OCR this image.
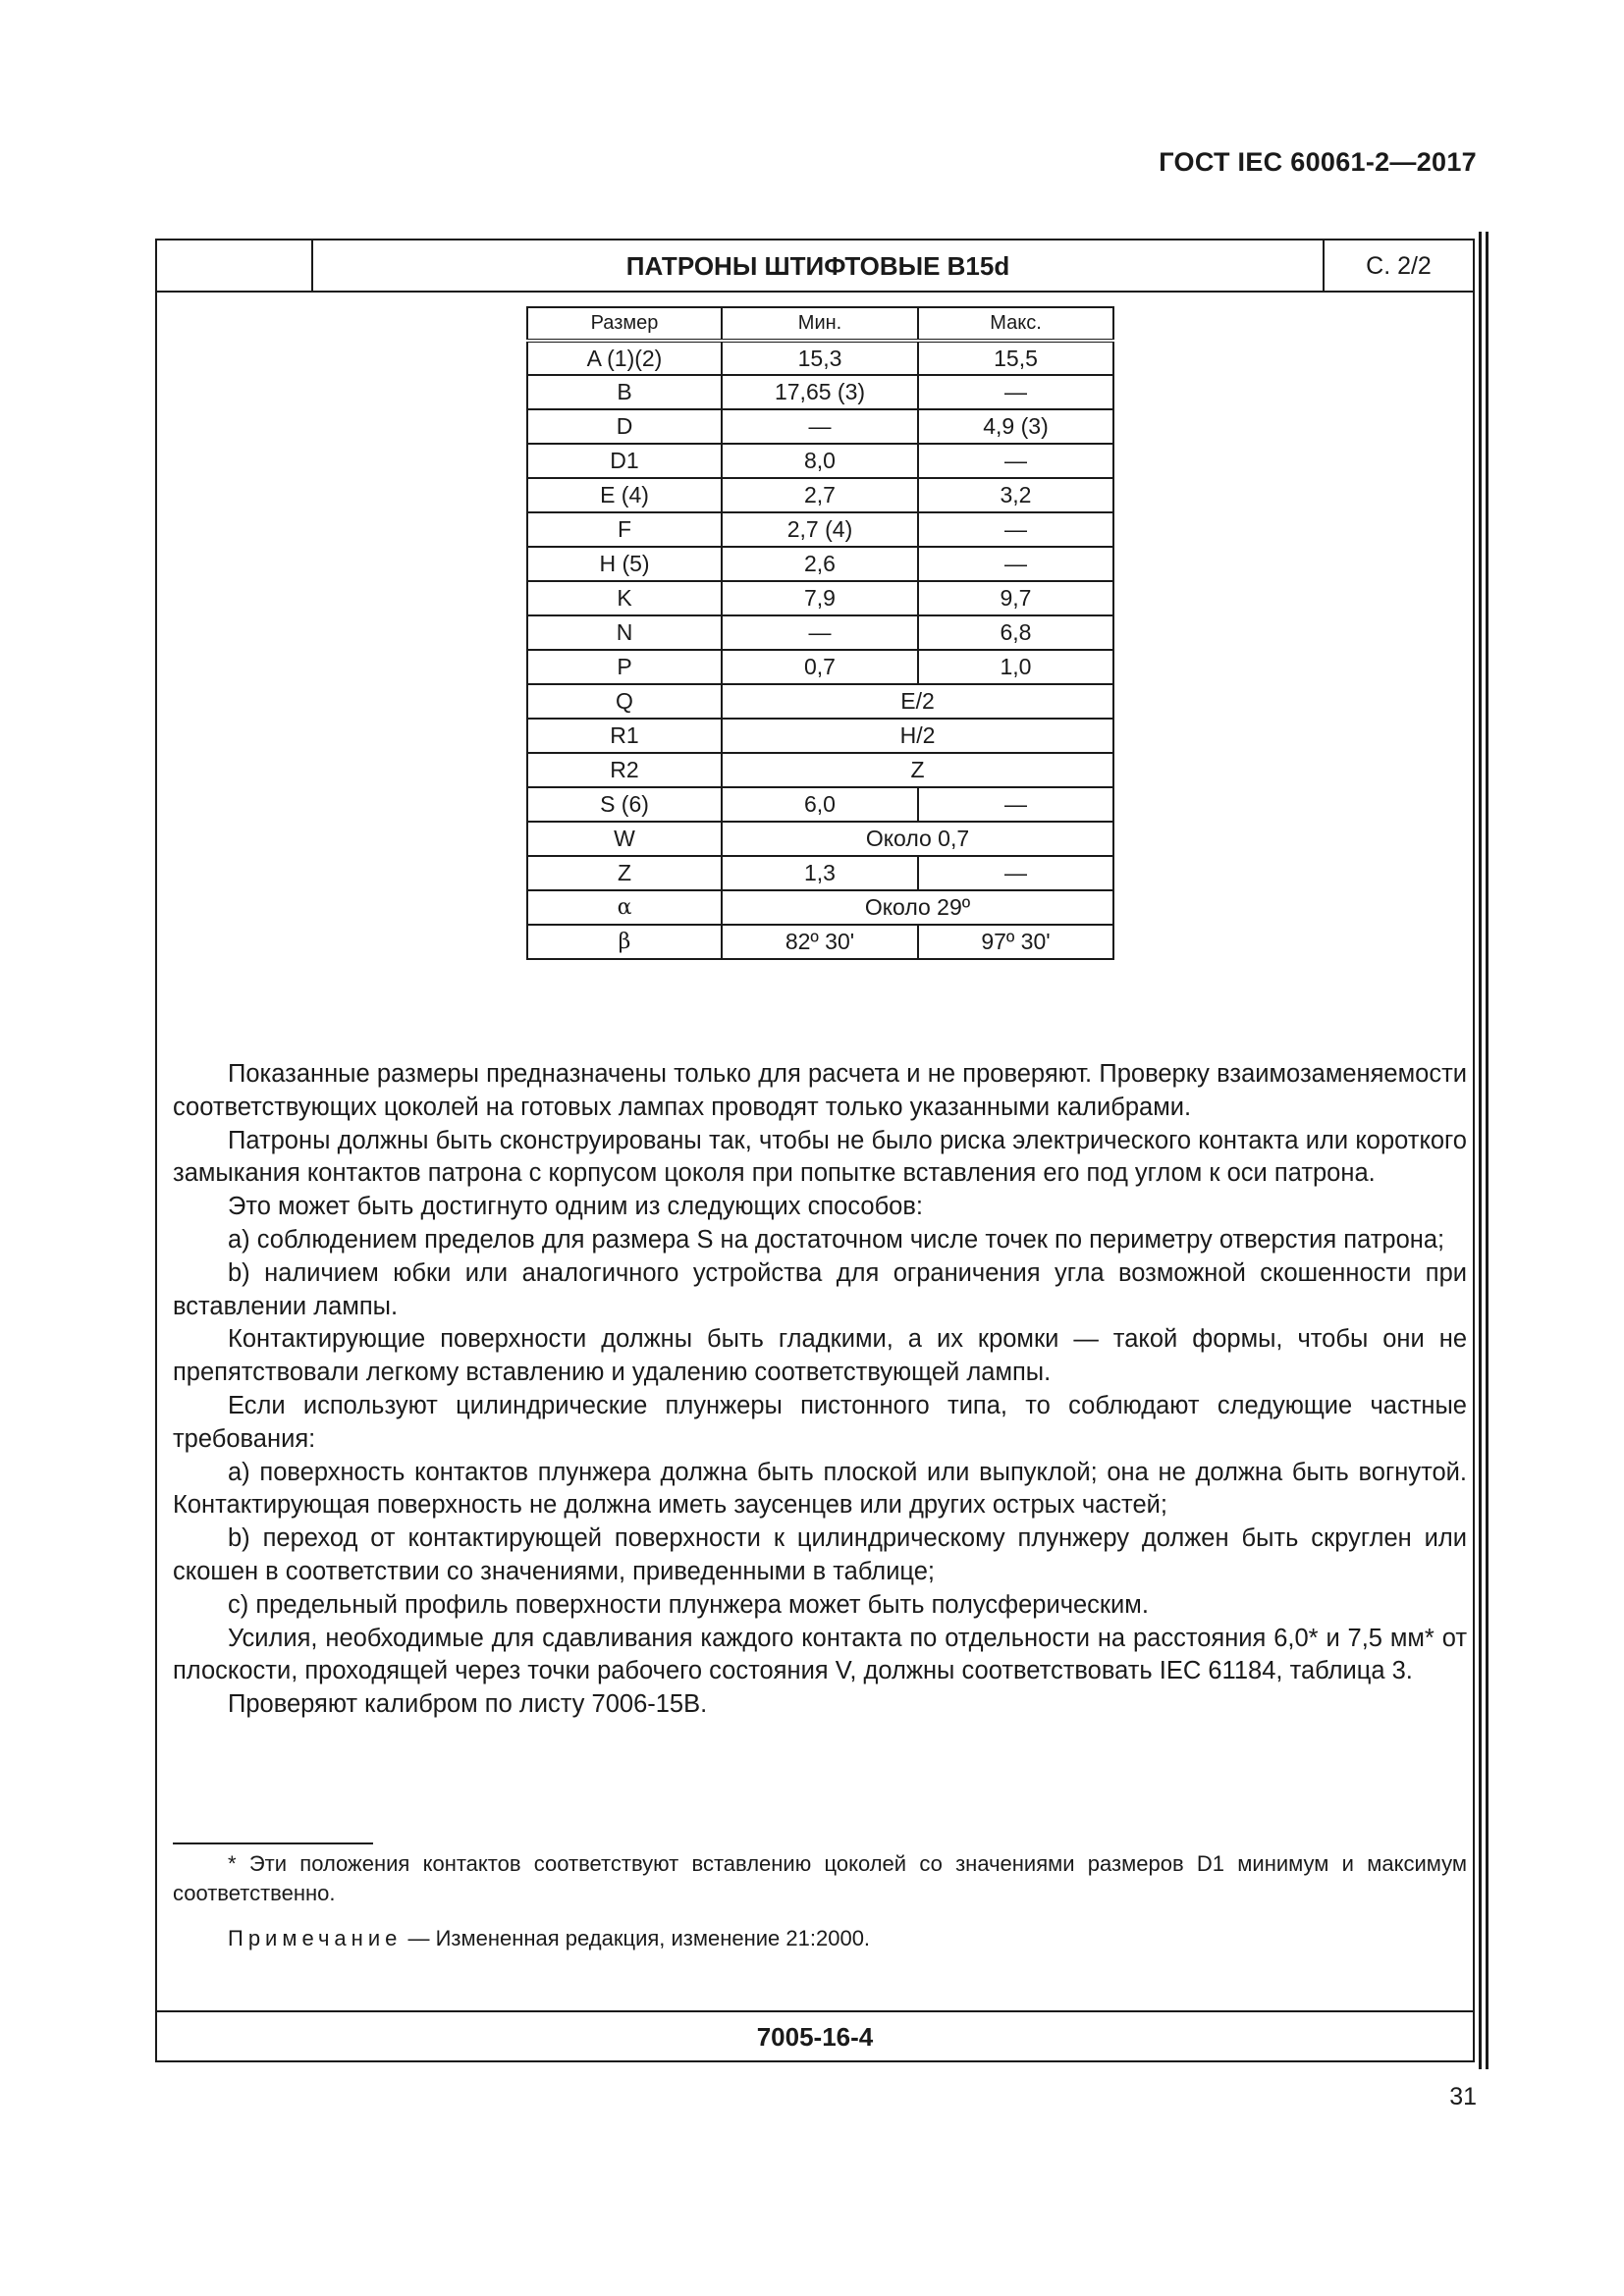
ГОСТ IEC 60061-2—2017
ПАТРОНЫ ШТИФТОВЫЕ B15d	С. 2/2
7005-16-4
Размер	Мин.	Макс.
A (1)(2)	15,3	15,5
B	17,65 (3)	—
D	—	4,9 (3)
D1	8,0	—
E (4)	2,7	3,2
F	2,7 (4)	—
H (5)	2,6	—
K	7,9	9,7
N	—	6,8
P	0,7	1,0
Q	E/2	
R1	H/2	
R2	Z	
S (6)	6,0	—
W	Около 0,7	
Z	1,3	—
α	Около 29º	
β	82º 30'	97º 30'

Показанные размеры предназначены только для расчета и не проверяют. Проверку взаимозаменяемости соответствующих цоколей на готовых лампах проводят только указанными калибрами.

Патроны должны быть сконструированы так, чтобы не было риска электрического контакта или короткого замыкания контактов патрона с корпусом цоколя при попытке вставления его под углом к оси патрона.

Это может быть достигнуто одним из следующих способов:

a) соблюдением пределов для размера S на достаточном числе точек по периметру отверстия патрона;

b) наличием юбки или аналогичного устройства для ограничения угла возможной скошенности при вставлении лампы.

Контактирующие поверхности должны быть гладкими, а их кромки — такой формы, чтобы они не препятствовали легкому вставлению и удалению соответствующей лампы.

Если используют цилиндрические плунжеры пистонного типа, то соблюдают следующие частные требования:

a) поверхность контактов плунжера должна быть плоской или выпуклой; она не должна быть вогнутой. Контактирующая поверхность не должна иметь заусенцев или других острых частей;

b) переход от контактирующей поверхности к цилиндрическому плунжеру должен быть скруглен или скошен в соответствии со значениями, приведенными в таблице;

c) предельный профиль поверхности плунжера может быть полусферическим.

Усилия, необходимые для сдавливания каждого контакта по отдельности на расстояния 6,0* и 7,5 мм* от плоскости, проходящей через точки рабочего состояния V, должны соответствовать IEC 61184, таблица 3.

Проверяют калибром по листу 7006-15B.

* Эти положения контактов соответствуют вставлению цоколей со значениями размеров D1 минимум и максимум соответственно.

Примечание — Измененная редакция, изменение 21:2000.
31
